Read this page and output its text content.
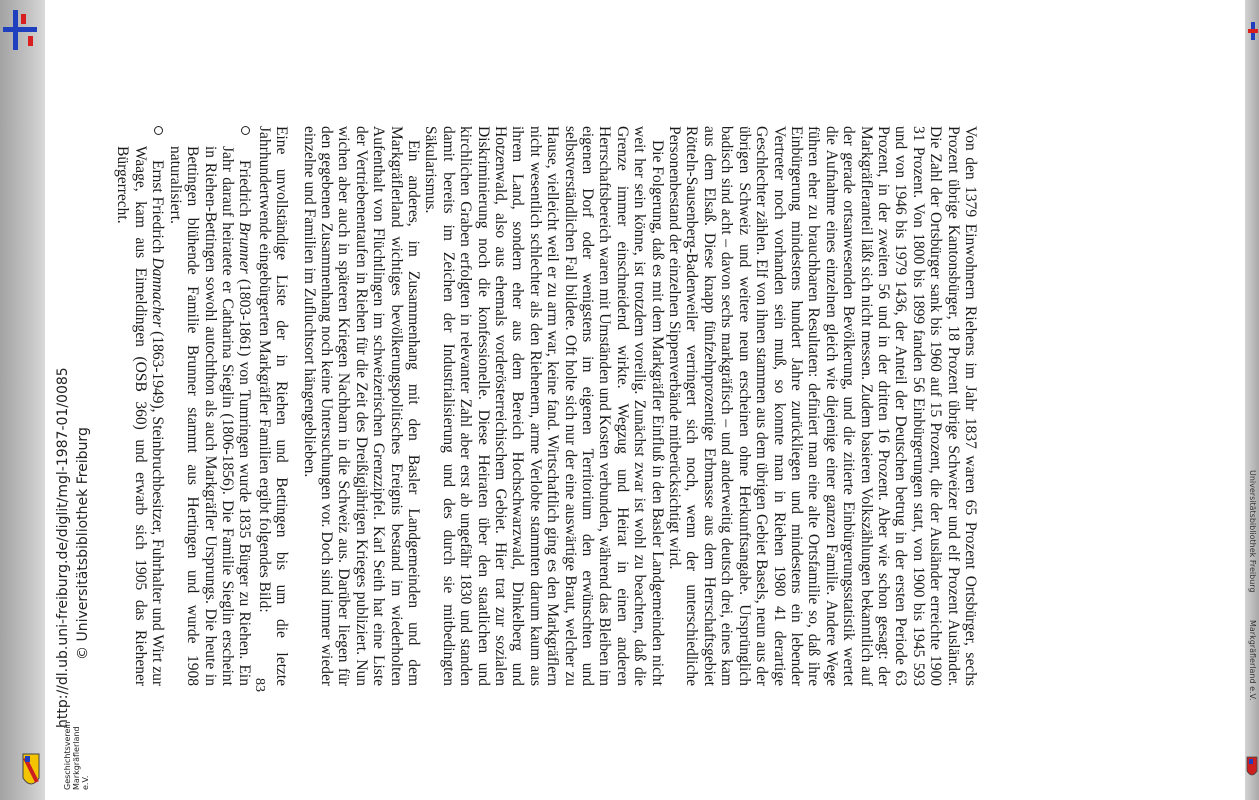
Universitätsbibliothek Freiburg
Markgräflerland e.V.
Geschichtsverein Markgräflerland e.V.
http://dl.ub.uni-freiburg.de/diglit/mgl-1987-01/0085 © Universitätsbibliothek Freiburg	Von den 1379 Einwohnern Riehens im Jahr 1837 waren 65 Prozent Ortsbürger, sechs Prozent übrige Kantonsbürger, 18 Prozent übrige Schweizer und elf Prozent Ausländer. Die Zahl der Ortsbürger sank bis 1960 auf 15 Prozent, die der Ausländer erreichte 1900 31 Prozent. Von 1800 bis 1899 fanden 56 Einbürgerungen statt, von 1900 bis 1945 593 und von 1946 bis 1979 1436, der Anteil der Deutschen betrug in der ersten Periode 63 Prozent, in der zweiten 56 und in der dritten 16 Prozent. Aber wie schon gesagt: der Markgräfleranteil läßt sich nicht messen. Zudem basieren Volkszählungen bekanntlich auf der gerade ortsanwesenden Bevölkerung, und die zitierte Einbürgerungsstatistik wertet die Aufnahme eines einzelnen gleich wie diejenige einer ganzen Familie. Andere Wege führen eher zu brauchbaren Resultaten: definiert man eine alte Ortsfamilie so, daß ihre Einbürgerung mindestens hundert Jahre zurückliegen und mindestens ein lebender Vertreter noch vorhanden sein muß, so konnte man in Riehen 1980 41 derartige Geschlechter zählen. Elf von ihnen stammen aus dem übrigen Gebiet Basels, neun aus der übrigen Schweiz und weitere neun erscheinen ohne Herkunftsangabe. Ursprünglich badisch sind acht – davon sechs markgräfisch – und anderweitig deutsch drei, eines kam aus dem Elsaß. Diese knapp fünfzehnprozentige Erbmasse aus dem Herrschaftsgebiet Rötteln-Sausenberg-Badenweiler verringert sich noch, wenn der unterschiedliche Personenbestand der einzelnen Sippenverbände mitberücksichtigt wird.

Die Folgerung, daß es mit dem Markgräfler Einfluß in den Basler Landgemeinden nicht weit her sein könne, ist trotzdem voreilig. Zunächst zwar ist wohl zu beachten, daß die Grenze immer einschneidend wirkte. Wegzug und Heirat in einen anderen Herrschaftsbereich waren mit Umständen und Kosten verbunden, während das Bleiben im eigenen Dorf oder wenigstens im eigenen Territorium den erwünschten und selbstverständlichen Fall bildete. Oft holte sich nur der eine auswärtige Braut, welcher zu Hause, vielleicht weil er zu arm war, keine fand. Wirtschaftlich ging es den Markgräflern nicht wesentlich schlechter als den Riehenern, arme Verlobte stammten darum kaum aus ihrem Land, sondern eher aus dem Bereich Hochschwarzwald, Dinkelberg und Hotzenwald, also aus ehemals vorderösterreichischem Gebiet. Hier trat zur sozialen Diskriminierung noch die konfessionelle. Diese Heiraten über den staatlichen und kirchlichen Graben erfolgten in relevanter Zahl aber erst ab ungefähr 1830 und standen damit bereits im Zeichen der Industrialisierung und des durch sie mitbedingten Säkularismus.

Ein anderes, im Zusammenhang mit den Basler Landgemeinden und dem Markgräflerland wichtiges bevölkerungspolitisches Ereignis bestand im wiederholten Aufenthalt von Flüchtlingen im schweizerischen Grenzzipfel. Karl Seith hat eine Liste der Vertriebenentaufen in Riehen für die Zeit des Dreißigjährigen Krieges publiziert. Nun wichen aber auch in späteren Kriegen Nachbarn in die Schweiz aus. Darüber liegen für den gegebenen Zusammenhang noch keine Untersuchungen vor. Doch sind immer wieder einzelne und Familien im Zufluchtsort hängengeblieben.

Eine unvollständige Liste der in Riehen und Bettingen bis um die letzte Jahrhundertwende eingebürgerten Markgräfler Familien ergibt folgendes Bild:

Friedrich Brunner (1803-1861) von Tumringen wurde 1835 Bürger zu Riehen. Ein Jahr darauf heiratete er Catharina Sieglin (1806-1856). Die Familie Sieglin erscheint in Riehen-Bettingen sowohl autochthon als auch Markgräfler Ursprungs. Die heute in Bettingen blühende Familie Brunner stammt aus Hertingen und wurde 1908 naturalisiert.

Ernst Friedrich Dannacher (1863-1949), Steinbruchbesitzer, Fuhrhalter und Wirt zur Waage, kam aus Eimeldingen (OSB 360) und erwarb sich 1905 das Riehener Bürgerrecht.

83
